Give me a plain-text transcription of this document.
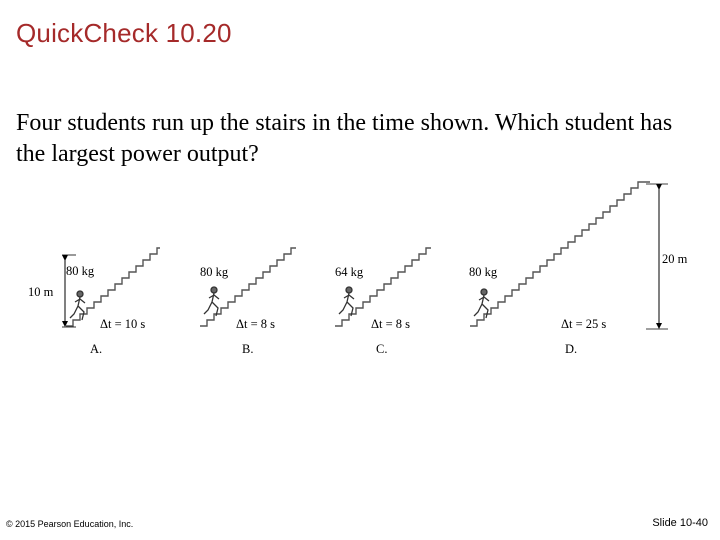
QuickCheck 10.20

Four students run up the stairs in the time shown. Which student has the largest power output?

10 m
20 m
80 kg	80 kg	64 kg	80 kg
Δt = 10 s	Δt = 8 s	Δt = 8 s	Δt = 25 s
A.	B.	C.	D.
© 2015 Pearson Education, Inc.	Slide 10-40
